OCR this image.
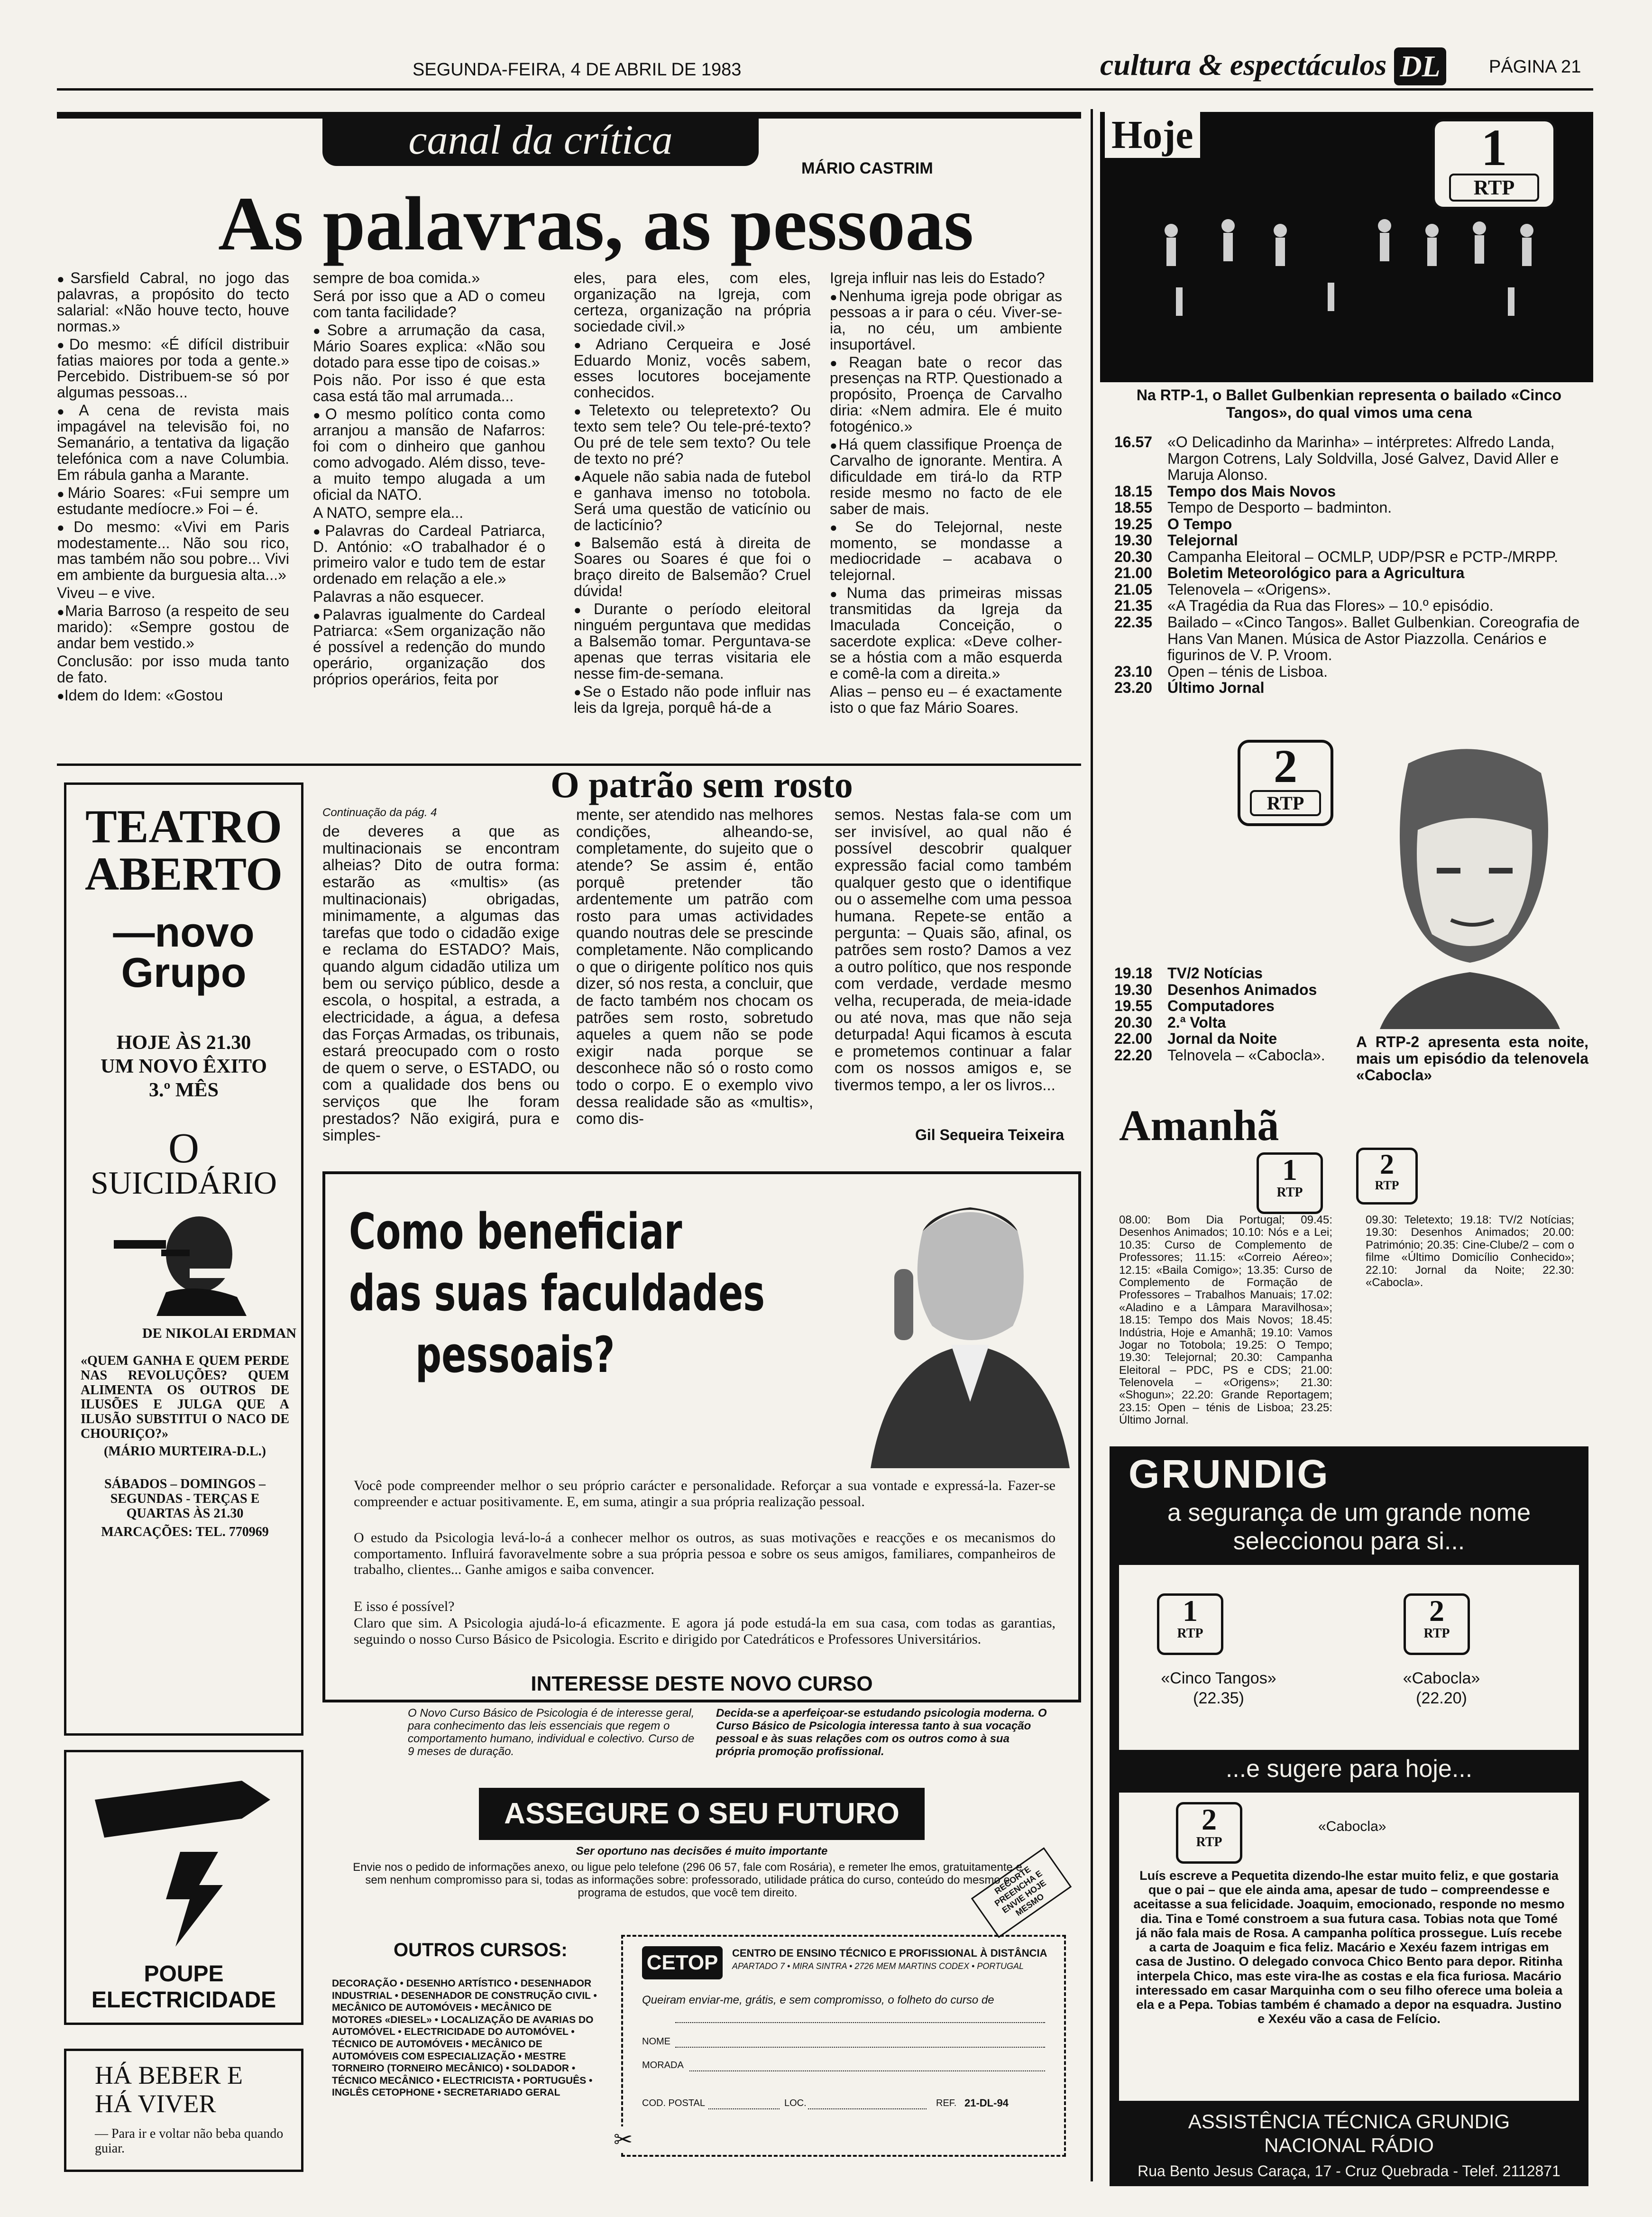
SEGUNDA-FEIRA, 4 DE ABRIL DE 1983	cultura & espectáculos DL	PÁGINA 21
canal da crítica
MÁRIO CASTRIM
As palavras, as pessoas

● Sarsfield Cabral, no jogo das palavras, a propósito do tecto salarial: «Não houve tecto, houve normas.»

● Do mesmo: «É difícil distribuir fatias maiores por toda a gente.» Percebido. Distribuem-se só por algumas pessoas...

● A cena de revista mais impagável na televisão foi, no Semanário, a tentativa da ligação telefónica com a nave Columbia. Em rábula ganha a Marante.

● Mário Soares: «Fui sempre um estudante medíocre.» Foi – é.

● Do mesmo: «Vivi em Paris modestamente... Não sou rico, mas também não sou pobre... Vivi em ambiente da burguesia alta...»

Viveu – e vive.

● Maria Barroso (a respeito de seu marido): «Sempre gostou de andar bem vestido.»

Conclusão: por isso muda tanto de fato.

● Idem do Idem: «Gostou

sempre de boa comida.»

Será por isso que a AD o comeu com tanta facilidade?

● Sobre a arrumação da casa, Mário Soares explica: «Não sou dotado para esse tipo de coisas.»

Pois não. Por isso é que esta casa está tão mal arrumada...

● O mesmo político conta como arranjou a mansão de Nafarros: foi com o dinheiro que ganhou como advogado. Além disso, teve-a muito tempo alugada a um oficial da NATO.

A NATO, sempre ela...

● Palavras do Cardeal Patriarca, D. António: «O trabalhador é o primeiro valor e tudo tem de estar ordenado em relação a ele.»

Palavras a não esquecer.

● Palavras igualmente do Cardeal Patriarca: «Sem organização não é possível a redenção do mundo operário, organização dos próprios operários, feita por

eles, para eles, com eles, organização na Igreja, com certeza, organização na própria sociedade civil.»

● Adriano Cerqueira e José Eduardo Moniz, vocês sabem, esses locutores bocejamente conhecidos.

● Teletexto ou telepretexto? Ou texto sem tele? Ou tele-pré-texto? Ou pré de tele sem texto? Ou tele de texto no pré?

● Aquele não sabia nada de futebol e ganhava imenso no totobola. Será uma questão de vaticínio ou de lacticínio?

● Balsemão está à direita de Soares ou Soares é que foi o braço direito de Balsemão? Cruel dúvida!

● Durante o período eleitoral ninguém perguntava que medidas a Balsemão tomar. Perguntava-se apenas que terras visitaria ele nesse fim-de-semana.

● Se o Estado não pode influir nas leis da Igreja, porquê há-de a

Igreja influir nas leis do Estado?

● Nenhuma igreja pode obrigar as pessoas a ir para o céu. Viver-se-ia, no céu, um ambiente insuportável.

● Reagan bate o recor das presenças na RTP. Questionado a propósito, Proença de Carvalho diria: «Nem admira. Ele é muito fotogénico.»

● Há quem classifique Proença de Carvalho de ignorante. Mentira. A dificuldade em tirá-lo da RTP reside mesmo no facto de ele saber de mais.

● Se do Telejornal, neste momento, se mondasse a mediocridade – acabava o telejornal.

● Numa das primeiras missas transmitidas da Igreja da Imaculada Conceição, o sacerdote explica: «Deve colher-se a hóstia com a mão esquerda e comê-la com a direita.»

Alias – penso eu – é exactamente isto o que faz Mário Soares.

Hoje	1
RTP
Na RTP-1, o Ballet Gulbenkian representa o bailado «Cinco Tangos», do qual vimos uma cena
16.57 «O Delicadinho da Marinha» – intérpretes: Alfredo Landa, Margon Cotrens, Laly Soldvilla, José Galvez, David Aller e Maruja Alonso.
18.15 Tempo dos Mais Novos
18.55 Tempo de Desporto – badminton.
19.25 O Tempo
19.30 Telejornal
20.30 Campanha Eleitoral – OCMLP, UDP/PSR e PCTP-/MRPP.
21.00 Boletim Meteorológico para a Agricultura
21.05 Telenovela – «Origens».
21.35 «A Tragédia da Rua das Flores» – 10.º episódio.
22.35 Bailado – «Cinco Tangos». Ballet Gulbenkian. Coreografia de Hans Van Manen. Música de Astor Piazzolla. Cenários e figurinos de V. P. Vroom.
23.10 Open – ténis de Lisboa.
23.20 Último Jornal
2
RTP
19.18 TV/2 Notícias
19.30 Desenhos Animados
19.55 Computadores
20.30 2.ª Volta
22.00 Jornal da Noite
22.20 Telnovela – «Cabocla».
A RTP-2 apresenta esta noite, mais um episódio da telenovela «Cabocla»
Amanhã
1
RTP
2
RTP
08.00: Bom Dia Portugal; 09.45: Desenhos Animados; 10.10: Nós e a Lei; 10.35: Curso de Complemento de Professores; 11.15: «Correio Aéreo»; 12.15: «Baila Comigo»; 13.35: Curso de Complemento de Formação de Professores – Trabalhos Manuais; 17.02: «Aladino e a Lâmpara Maravilhosa»; 18.15: Tempo dos Mais Novos; 18.45: Indústria, Hoje e Amanhã; 19.10: Vamos Jogar no Totobola; 19.25: O Tempo; 19.30: Telejornal; 20.30: Campanha Eleitoral – PDC, PS e CDS; 21.00: Telenovela – «Origens»; 21.30: «Shogun»; 22.20: Grande Reportagem; 23.15: Open – ténis de Lisboa; 23.25: Último Jornal.
09.30: Teletexto; 19.18: TV/2 Notícias; 19.30: Desenhos Animados; 20.00: Património; 20.35: Cine-Clube/2 – com o filme «Último Domicílio Conhecido»; 22.10: Jornal da Noite; 22.30: «Cabocla».
GRUNDIG
a segurança de um grande nome
seleccionou para si...
1
RTP
«Cinco Tangos»
(22.35)
2
RTP
«Cabocla»
(22.20)
...e sugere para hoje...
2
RTP
«Cabocla»
Luís escreve a Pequetita dizendo-lhe estar muito feliz, e que gostaria que o pai – que ele ainda ama, apesar de tudo – compreendesse e aceitasse a sua felicidade. Joaquim, emocionado, responde no mesmo dia. Tina e Tomé constroem a sua futura casa. Tobias nota que Tomé já não fala mais de Rosa. A campanha política prossegue. Luís recebe a carta de Joaquim e fica feliz. Macário e Xexéu fazem intrigas em casa de Justino. O delegado convoca Chico Bento para depor. Ritinha interpela Chico, mas este vira-lhe as costas e ela fica furiosa. Macário interessado em casar Marquinha com o seu filho oferece uma boleia a ela e a Pepa. Tobias também é chamado a depor na esquadra. Justino e Xexéu vão a casa de Felício.
ASSISTÊNCIA TÉCNICA GRUNDIG
NACIONAL RÁDIO
Rua Bento Jesus Caraça, 17 - Cruz Quebrada - Telef. 2112871
TEATRO
ABERTO
—novo
Grupo
HOJE ÀS 21.30
UM NOVO ÊXITO
3.º MÊS
O
SUICIDÁRIO
DE NIKOLAI ERDMAN
«QUEM GANHA E QUEM PERDE NAS REVOLUÇÕES? QUEM ALIMENTA OS OUTROS DE ILUSÕES E JULGA QUE A ILUSÃO SUBSTITUI O NACO DE CHOURIÇO?»
(MÁRIO MURTEIRA-D.L.)
SÁBADOS – DOMINGOS – SEGUNDAS - TERÇAS E QUARTAS ÀS 21.30
MARCAÇÕES: TEL. 770969
POUPE
ELECTRICIDADE
HÁ BEBER E
HÁ VIVER
— Para ir e voltar não beba quando guiar.
O patrão sem rosto
Continuação da pág. 4
de deveres a que as multinacionais se encontram alheias? Dito de outra forma: estarão as «multis» (as multinacionais) obrigadas, minimamente, a algumas das tarefas que todo o cidadão exige e reclama do ESTADO? Mais, quando algum cidadão utiliza um bem ou serviço público, desde a escola, o hospital, a estrada, a electricidade, a água, a defesa das Forças Armadas, os tribunais, estará preocupado com o rosto de quem o serve, o ESTADO, ou com a qualidade dos bens ou serviços que lhe foram prestados? Não exigirá, pura e simples-
mente, ser atendido nas melhores condições, alheando-se, completamente, do sujeito que o atende? Se assim é, então porquê pretender tão ardentemente um patrão com rosto para umas actividades quando noutras dele se prescinde completamente. Não complicando o que o dirigente político nos quis dizer, só nos resta, a concluir, que de facto também nos chocam os patrões sem rosto, sobretudo aqueles a quem não se pode exigir nada porque se desconhece não só o rosto como todo o corpo. E o exemplo vivo dessa realidade são as «multis», como dis-
semos. Nestas fala-se com um ser invisível, ao qual não é possível descobrir qualquer expressão facial como também qualquer gesto que o identifique ou o assemelhe com uma pessoa humana. Repete-se então a pergunta: – Quais são, afinal, os patrões sem rosto? Damos a vez a outro político, que nos responde com verdade, verdade mesmo velha, recuperada, de meia-idade ou até nova, mas que não seja deturpada! Aqui ficamos à escuta e prometemos continuar a falar com os nossos amigos e, se tivermos tempo, a ler os livros...
Gil Sequeira Teixeira
Como beneficiar
das suas faculdades
pessoais?
Você pode compreender melhor o seu próprio carácter e personalidade. Reforçar a sua vontade e expressá-la. Fazer-se compreender e actuar positivamente. E, em suma, atingir a sua própria realização pessoal.
O estudo da Psicologia levá-lo-á a conhecer melhor os outros, as suas motivações e reacções e os mecanismos do comportamento. Influirá favoravelmente sobre a sua própria pessoa e sobre os seus amigos, familiares, companheiros de trabalho, clientes... Ganhe amigos e saiba convencer.
E isso é possível?
Claro que sim. A Psicologia ajudá-lo-á eficazmente. E agora já pode estudá-la em sua casa, com todas as garantias, seguindo o nosso Curso Básico de Psicologia. Escrito e dirigido por Catedráticos e Professores Universitários.
INTERESSE DESTE NOVO CURSO
O Novo Curso Básico de Psicologia é de interesse geral, para conhecimento das leis essenciais que regem o comportamento humano, individual e colectivo. Curso de 9 meses de duração.
Decida-se a aperfeiçoar-se estudando psicologia moderna. O Curso Básico de Psicologia interessa tanto à sua vocação pessoal e às suas relações com os outros como à sua própria promoção profissional.
ASSEGURE O SEU FUTURO
Ser oportuno nas decisões é muito importante
Envie nos o pedido de informações anexo, ou ligue pelo telefone (296 06 57, fale com Rosária), e remeter lhe emos, gratuitamente e sem nenhum compromisso para si, todas as informações sobre: professorado, utilidade prática do curso, conteúdo do mesmo e programa de estudos, que você tem direito.	RECORTE PREENCHA E ENVIE HOJE MESMO
OUTROS CURSOS:
DECORAÇÃO • DESENHO ARTÍSTICO • DESENHADOR INDUSTRIAL • DESENHADOR DE CONSTRUÇÃO CIVIL • MECÂNICO DE AUTOMÓVEIS • MECÂNICO DE MOTORES «DIESEL» • LOCALIZAÇÃO DE AVARIAS DO AUTOMÓVEL • ELECTRICIDADE DO AUTOMÓVEL • TÉCNICO DE AUTOMÓVEIS • MECÂNICO DE AUTOMÓVEIS COM ESPECIALIZAÇÃO • MESTRE TORNEIRO (TORNEIRO MECÂNICO) • SOLDADOR • TÉCNICO MECÂNICO • ELECTRICISTA • PORTUGUÊS • INGLÊS CETOPHONE • SECRETARIADO GERAL
CETOP	CENTRO DE ENSINO TÉCNICO E PROFISSIONAL À DISTÂNCIA
APARTADO 7 • MIRA SINTRA • 2726 MEM MARTINS CODEX • PORTUGAL
Queiram enviar-me, grátis, e sem compromisso, o folheto do curso de
NOME
MORADA
COD. POSTAL	LOC.	REF. 21-DL-94
✂
